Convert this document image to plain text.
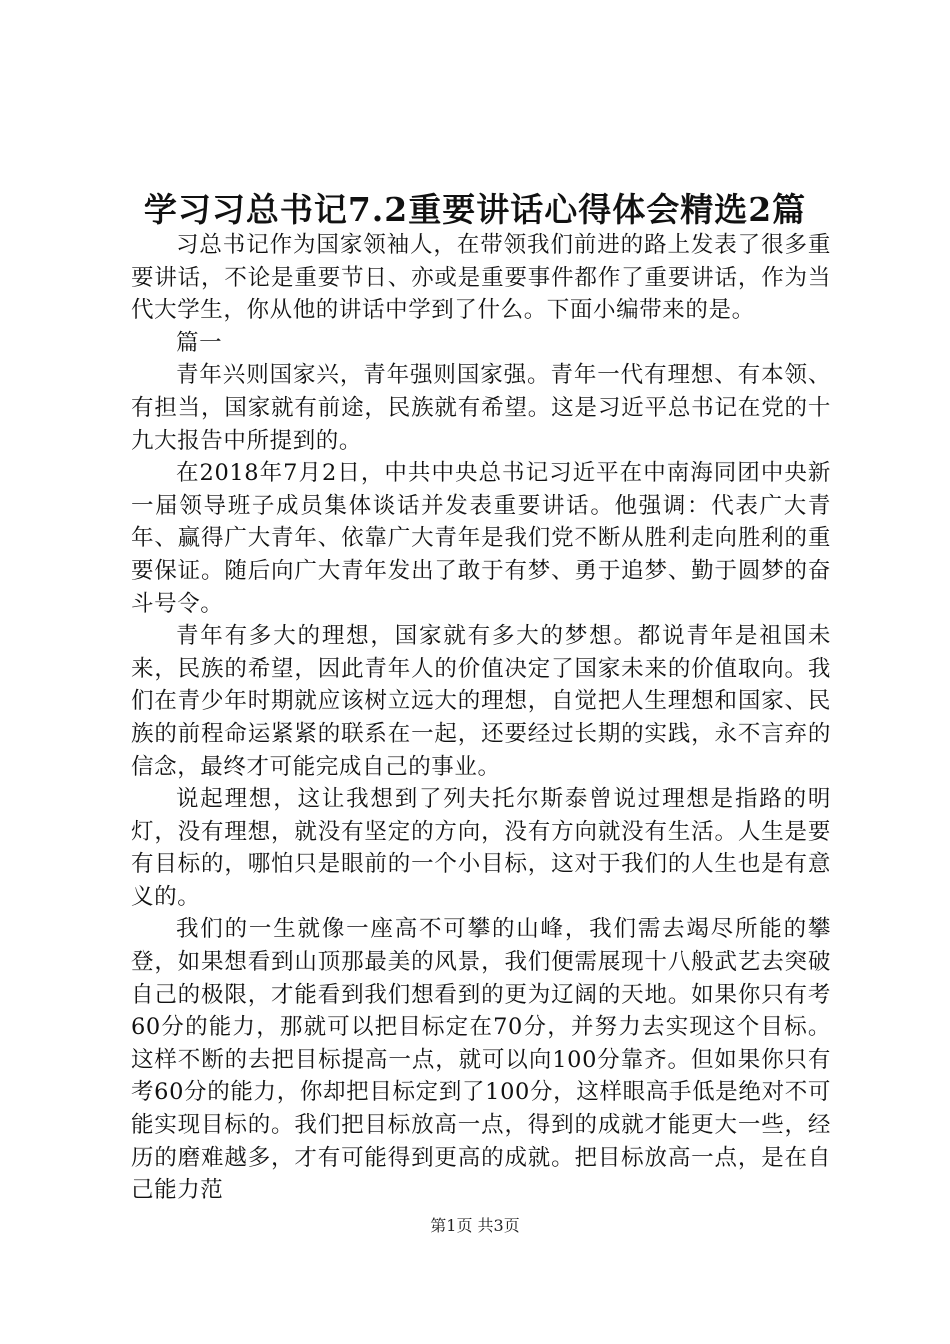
学习习总书记7.2重要讲话心得体会精选2篇

习总书记作为国家领袖人，在带领我们前进的路上发表了很多重要讲话，不论是重要节日、亦或是重要事件都作了重要讲话，作为当代大学生，你从他的讲话中学到了什么。下面小编带来的是。

篇一

青年兴则国家兴，青年强则国家强。青年一代有理想、有本领、有担当，国家就有前途，民族就有希望。这是习近平总书记在党的十九大报告中所提到的。

在2018年7月2日，中共中央总书记习近平在中南海同团中央新一届领导班子成员集体谈话并发表重要讲话。他强调：代表广大青年、赢得广大青年、依靠广大青年是我们党不断从胜利走向胜利的重要保证。随后向广大青年发出了敢于有梦、勇于追梦、勤于圆梦的奋斗号令。

青年有多大的理想，国家就有多大的梦想。都说青年是祖国未来，民族的希望，因此青年人的价值决定了国家未来的价值取向。我们在青少年时期就应该树立远大的理想，自觉把人生理想和国家、民族的前程命运紧紧的联系在一起，还要经过长期的实践，永不言弃的信念，最终才可能完成自己的事业。

说起理想，这让我想到了列夫托尔斯泰曾说过理想是指路的明灯，没有理想，就没有坚定的方向，没有方向就没有生活。人生是要有目标的，哪怕只是眼前的一个小目标，这对于我们的人生也是有意义的。

我们的一生就像一座高不可攀的山峰，我们需去竭尽所能的攀登，如果想看到山顶那最美的风景，我们便需展现十八般武艺去突破自己的极限，才能看到我们想看到的更为辽阔的天地。如果你只有考60分的能力，那就可以把目标定在70分，并努力去实现这个目标。这样不断的去把目标提高一点，就可以向100分靠齐。但如果你只有考60分的能力，你却把目标定到了100分，这样眼高手低是绝对不可能实现目标的。我们把目标放高一点，得到的成就才能更大一些，经历的磨难越多，才有可能得到更高的成就。把目标放高一点，是在自己能力范

第1页 共3页
